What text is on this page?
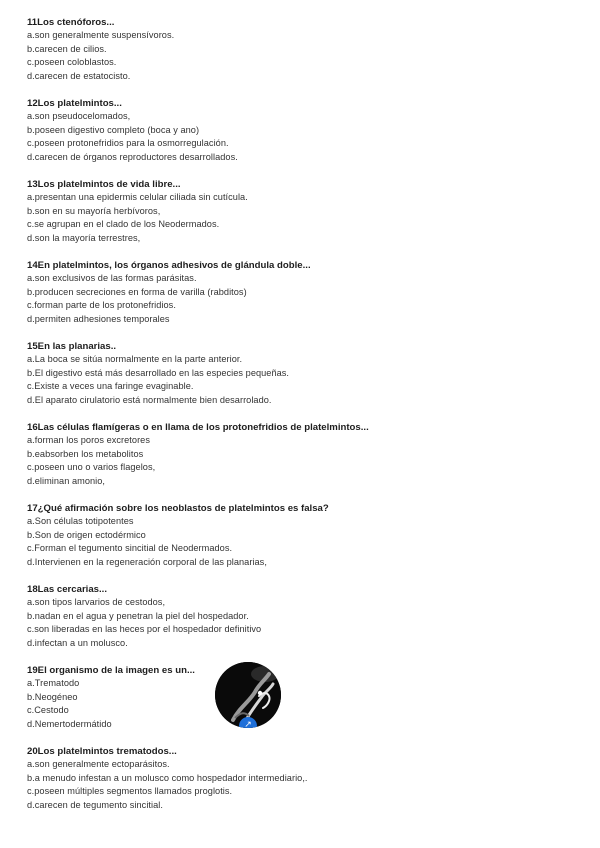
11Los ctenóforos...
a.son generalmente suspensívoros.
b.carecen de cilios.
c.poseen coloblastos.
d.carecen de estatocisto.
12Los platelmintos...
a.son pseudocelomados,
b.poseen digestivo completo (boca y ano)
c.poseen protonefridios para la osmorregulación.
d.carecen de órganos reproductores desarrollados.
13Los platelmintos de vida libre...
a.presentan una epidermis celular ciliada sin cutícula.
b.son en su mayoría herbívoros,
c.se agrupan en el clado de los Neodermados.
d.son la mayoría terrestres,
14En platelmintos, los órganos adhesivos de glándula doble...
a.son exclusivos de las formas parásitas.
b.producen secreciones en forma de varilla (rabditos)
c.forman parte de los protonefridios.
d.permiten adhesiones temporales
15En las planarias..
a.La boca se sitúa normalmente en la parte anterior.
b.El digestivo está más desarrollado en las especies pequeñas.
c.Existe a veces una faringe evaginable.
d.El aparato cirulatorio está normalmente bien desarrolado.
16Las células flamígeras o en llama de los protonefridios de platelmintos...
a.forman los poros excretores
b.eabsorben los metabolitos
c.poseen uno o varios flagelos,
d.eliminan amonio,
17¿Qué afirmación sobre los neoblastos de platelmintos es falsa?
a.Son células totipotentes
b.Son de origen ectodérmico
c.Forman el tegumento sincitial de Neodermados.
d.Intervienen en la regeneración corporal de las planarias,
18Las cercarias...
a.son tipos larvarios de cestodos,
b.nadan en el agua y penetran la piel del hospedador.
c.son liberadas en las heces por el hospedador definitivo
d.infectan a un molusco.
19El organismo de la imagen es un...
a.Trematodo
b.Neogéneo
c.Cestodo
d.Nemertodermátido	↗
20Los platelmintos trematodos...
a.son generalmente ectoparásitos.
b.a menudo infestan a un molusco como hospedador intermediario,.
c.poseen múltiples segmentos llamados proglotis.
d.carecen de tegumento sincitial.
